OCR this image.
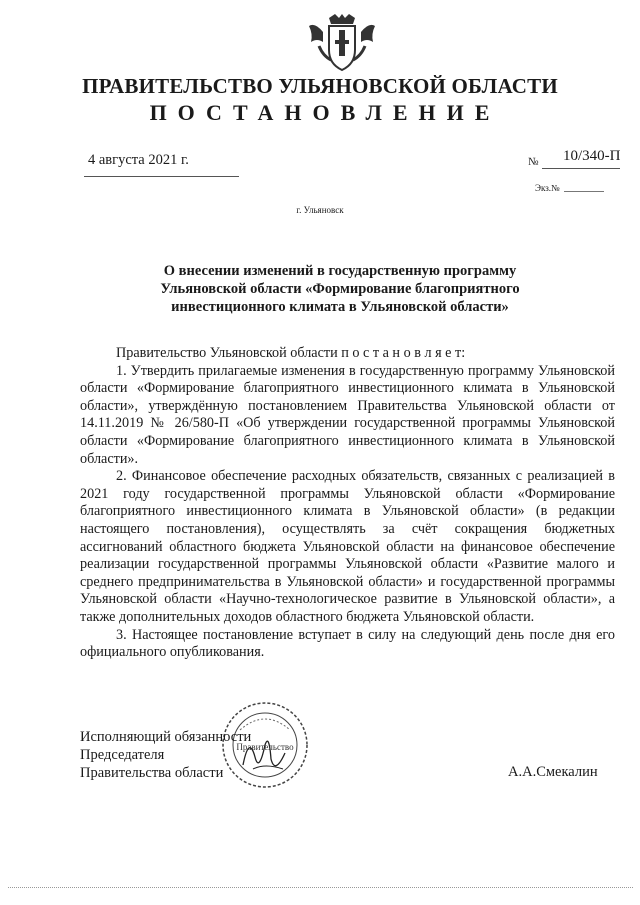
ПРАВИТЕЛЬСТВО УЛЬЯНОВСКОЙ ОБЛАСТИ
ПОСТАНОВЛЕНИЕ
4 августа 2021 г.	№ 10/340-П
Экз.№
г. Ульяновск
О внесении изменений в государственную программу
Ульяновской области «Формирование благоприятного
инвестиционного климата в Ульяновской области»

Правительство Ульяновской области п о с т а н о в л я е т:

1. Утвердить прилагаемые изменения в государственную программу Ульяновской области «Формирование благоприятного инвестиционного климата в Ульяновской области», утверждённую постановлением Правительства Ульяновской области от 14.11.2019 № 26/580-П «Об утверждении государственной программы Ульяновской области «Формирование благоприятного инвестиционного климата в Ульяновской области».

2. Финансовое обеспечение расходных обязательств, связанных с реализацией в 2021 году государственной программы Ульяновской области «Формирование благоприятного инвестиционного климата в Ульяновской области» (в редакции настоящего постановления), осуществлять за счёт сокращения бюджетных ассигнований областного бюджета Ульяновской области на финансовое обеспечение реализации государственной программы Ульяновской области «Развитие малого и среднего предпринимательства в Ульяновской области» и государственной программы Ульяновской области «Научно-технологическое развитие в Ульяновской области», а также дополнительных доходов областного бюджета Ульяновской области.

3. Настоящее постановление вступает в силу на следующий день после дня его официального опубликования.

Правительство
Исполняющий обязанности
Председателя
Правительства области	А.А.Смекалин
